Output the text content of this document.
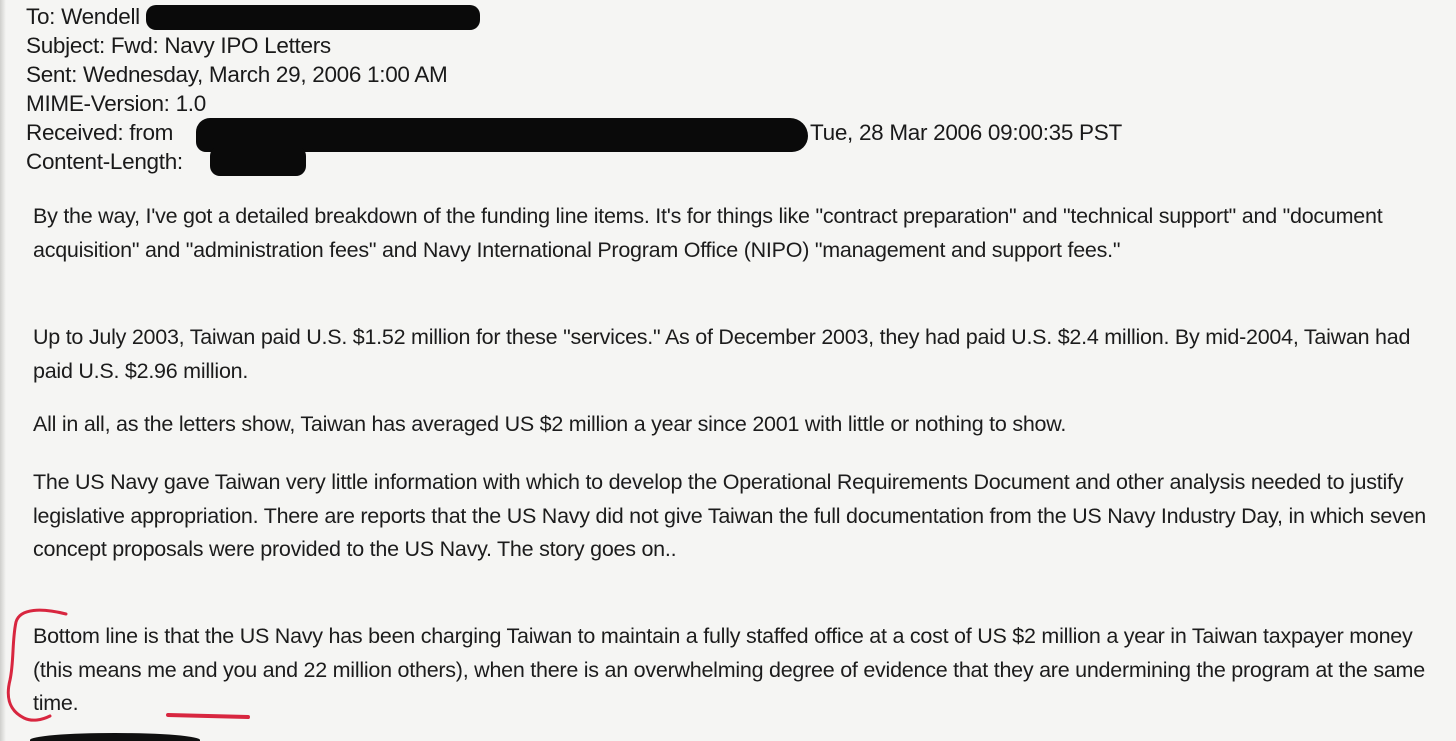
To: Wendell
Subject: Fwd: Navy IPO Letters
Sent: Wednesday, March 29, 2006 1:00 AM
MIME-Version: 1.0
Received: from	Tue, 28 Mar 2006 09:00:35 PST
Content-Length:
By the way, I've got a detailed breakdown of the funding line items. It's for things like "contract preparation" and "technical support" and "document acquisition" and "administration fees" and Navy International Program Office (NIPO) "management and support fees."
Up to July 2003, Taiwan paid U.S. $1.52 million for these "services." As of December 2003, they had paid U.S. $2.4 million. By mid-2004, Taiwan had paid U.S. $2.96 million.
All in all, as the letters show, Taiwan has averaged US $2 million a year since 2001 with little or nothing to show.
The US Navy gave Taiwan very little information with which to develop the Operational Requirements Document and other analysis needed to justify legislative appropriation. There are reports that the US Navy did not give Taiwan the full documentation from the US Navy Industry Day, in which seven concept proposals were provided to the US Navy. The story goes on..
Bottom line is that the US Navy has been charging Taiwan to maintain a fully staffed office at a cost of US $2 million a year in Taiwan taxpayer money (this means me and you and 22 million others), when there is an overwhelming degree of evidence that they are undermining the program at the same time.
